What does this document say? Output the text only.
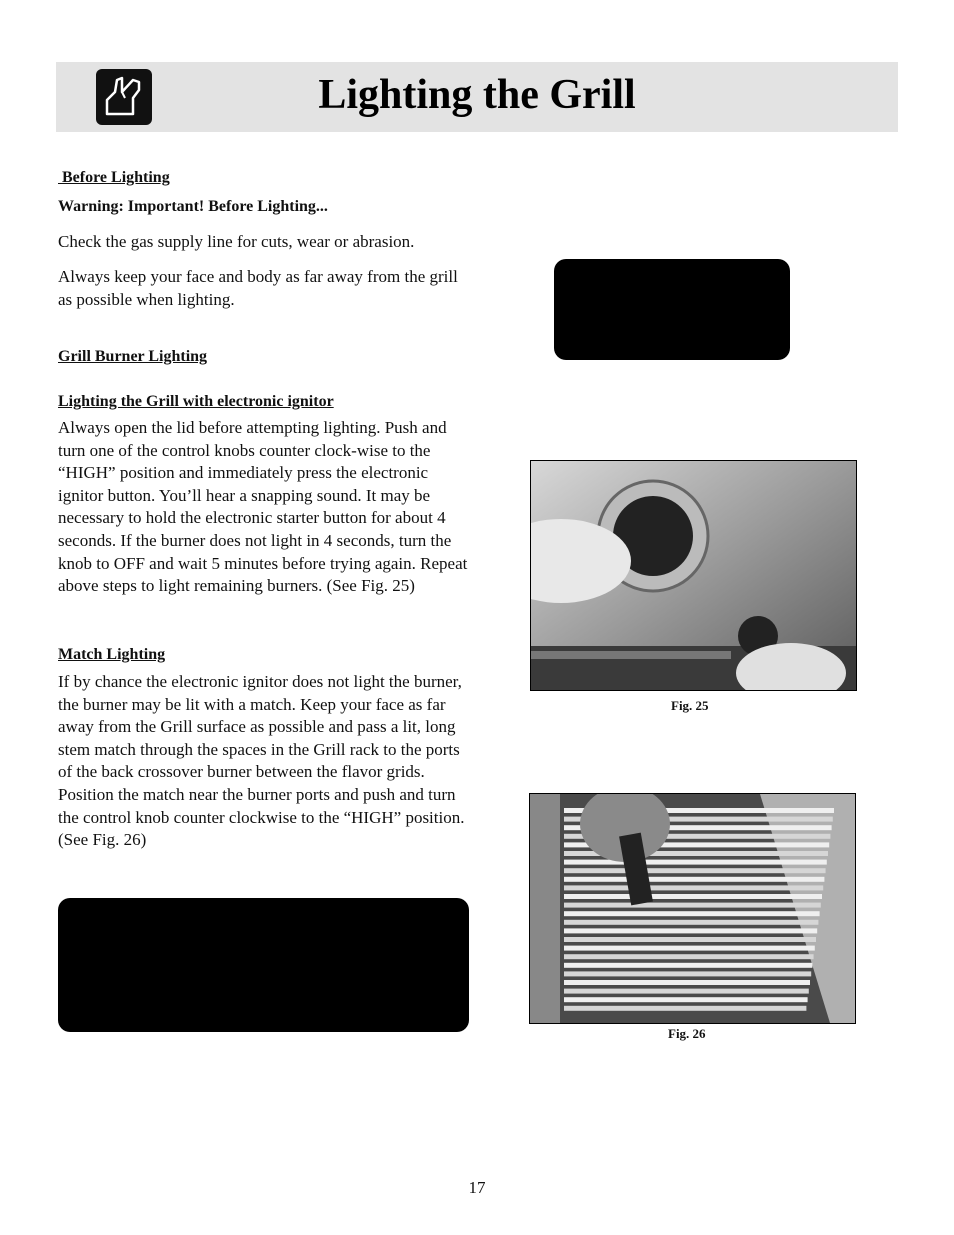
Lighting the Grill
Before Lighting
Warning: Important! Before Lighting...
Check the gas supply line for cuts, wear or abrasion.
Always keep your face and body as far away from the grill as possible when lighting.
Grill Burner Lighting
Lighting the Grill with electronic ignitor
Always open the lid before attempting lighting. Push and turn one of the control knobs counter clock-wise to the “HIGH” position and immediately press the electronic ignitor button. You’ll hear a snapping sound. It may be necessary to hold the electronic starter button for about 4 seconds. If the burner does not light in 4 seconds, turn the knob to OFF and wait 5 minutes before trying again. Repeat above steps to light remaining burners. (See Fig. 25)
Match Lighting
If by chance the electronic ignitor does not light the burner, the burner may be lit with a match. Keep your face as far away from the Grill surface as possible and pass a lit, long stem match through the spaces in the Grill rack to the ports of the back crossover burner between the flavor grids. Position the match near the burner ports and push and turn the control knob counter clockwise to the “HIGH” position. (See Fig. 26)
Fig. 25
Fig. 26
17
